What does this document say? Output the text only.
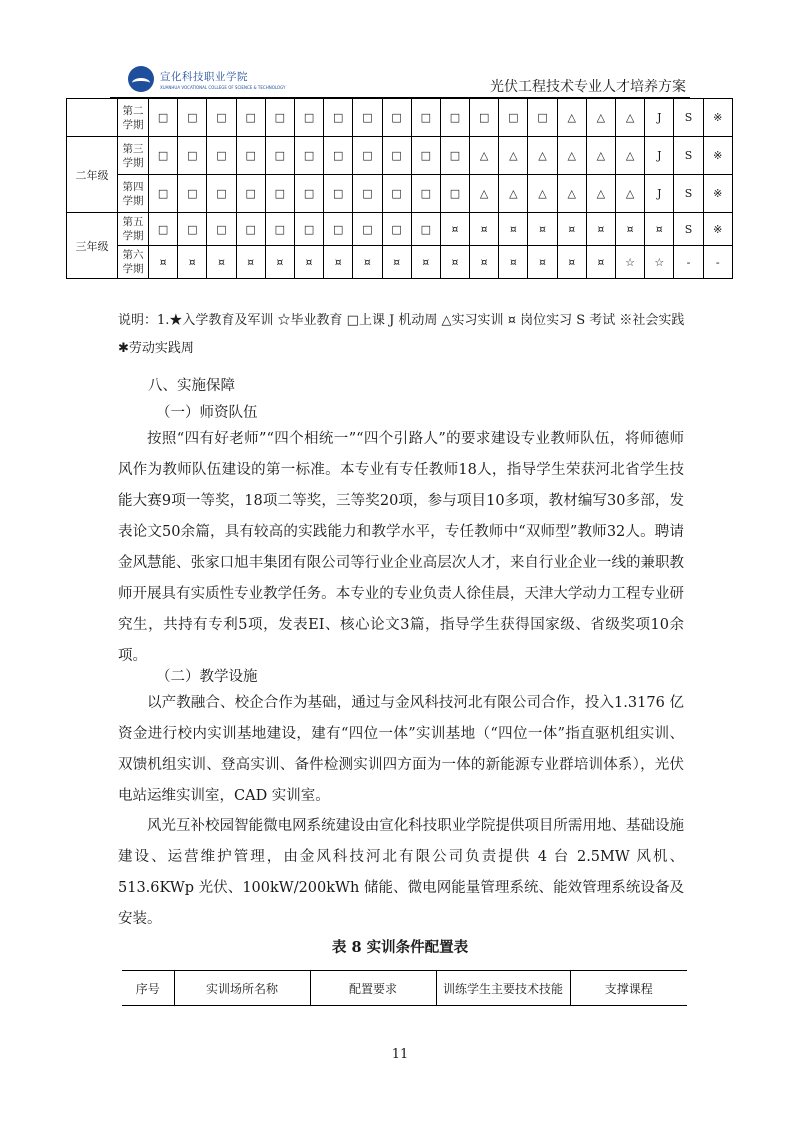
宣化科技职业学院
XUANHUA VOCATIONAL COLLEGE OF SCIENCE & TECHNOLOGY	光伏工程技术专业人才培养方案
	第二学期	□	□	□	□	□	□	□	□	□	□	□	□	□	□	△	△	△	J	S	※
二年级	第三学期	□	□	□	□	□	□	□	□	□	□	□	△	△	△	△	△	△	J	S	※
	第四学期	□	□	□	□	□	□	□	□	□	□	□	△	△	△	△	△	△	J	S	※
三年级	第五学期	□	□	□	□	□	□	□	□	□	□	¤	¤	¤	¤	¤	¤	¤	¤	S	※
	第六学期	¤	¤	¤	¤	¤	¤	¤	¤	¤	¤	¤	¤	¤	¤	¤	¤	☆	☆	-	-
说明：1.★入学教育及军训 ☆毕业教育 □上课 J 机动周 △实习实训 ¤ 岗位实习 S 考试 ※社会实践 ✱劳动实践周
八、实施保障
（一）师资队伍

按照“四有好老师”“四个相统一”“四个引路人”的要求建设专业教师队伍，将师德师风作为教师队伍建设的第一标准。本专业有专任教师18人，指导学生荣获河北省学生技能大赛9项一等奖，18项二等奖，三等奖20项，参与项目10多项，教材编写30多部，发表论文50余篇，具有较高的实践能力和教学水平，专任教师中“双师型”教师32人。聘请金风慧能、张家口旭丰集团有限公司等行业企业高层次人才，来自行业企业一线的兼职教师开展具有实质性专业教学任务。本专业的专业负责人徐佳晨，天津大学动力工程专业研究生，共持有专利5项，发表EI、核心论文3篇，指导学生获得国家级、省级奖项10余项。

（二）教学设施

以产教融合、校企合作为基础，通过与金风科技河北有限公司合作，投入1.3176 亿资金进行校内实训基地建设，建有“四位一体”实训基地（“四位一体”指直驱机组实训、双馈机组实训、登高实训、备件检测实训四方面为一体的新能源专业群培训体系），光伏电站运维实训室，CAD 实训室。

风光互补校园智能微电网系统建设由宣化科技职业学院提供项目所需用地、基础设施建设、运营维护管理，由金风科技河北有限公司负责提供 4 台 2.5MW 风机、513.6KWp 光伏、100kW/200kWh 储能、微电网能量管理系统、能效管理系统设备及安装。

表 8 实训条件配置表
序号	实训场所名称	配置要求	训练学生主要技术技能	支撑课程
11
